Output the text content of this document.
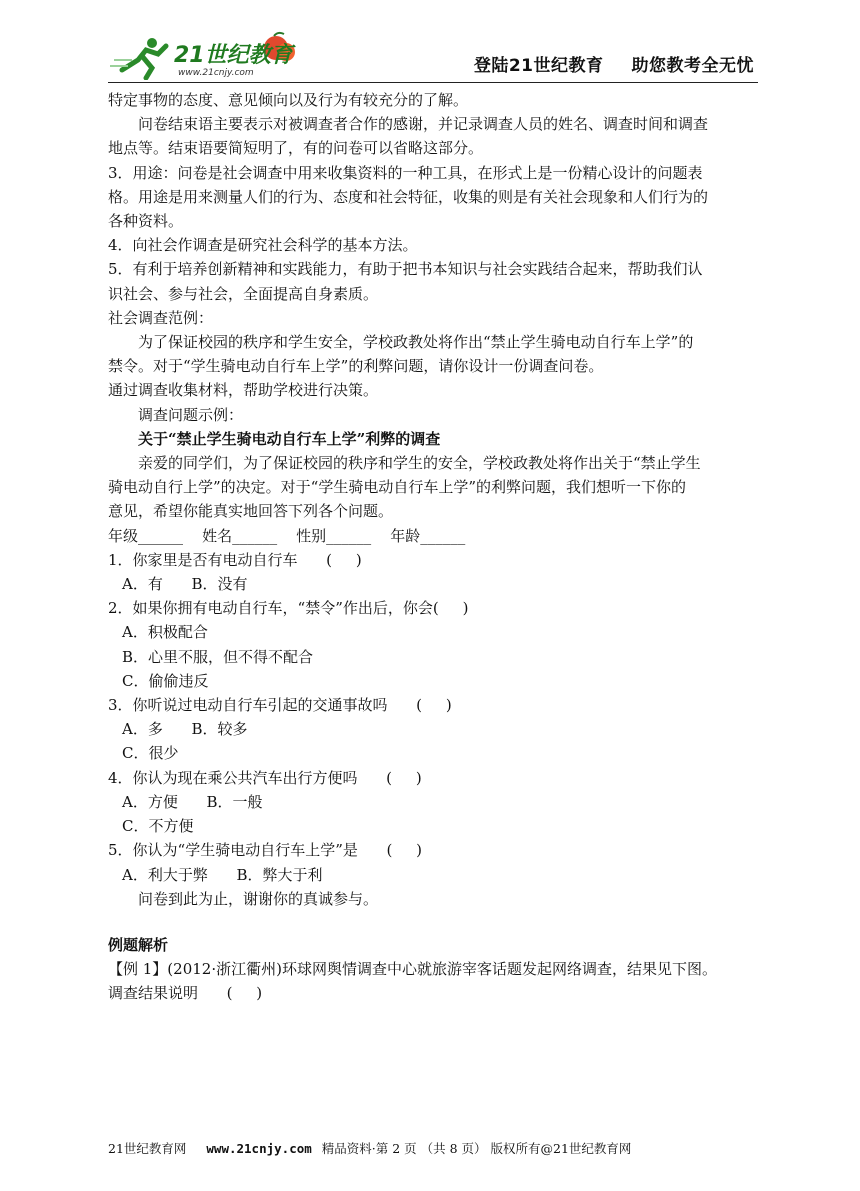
21世纪教育
www.21cnjy.com	登陆21世纪教育 助您教考全无忧
特定事物的态度、意见倾向以及行为有较充分的了解。
问卷结束语主要表示对被调查者合作的感谢，并记录调查人员的姓名、调查时间和调查
地点等。结束语要简短明了，有的问卷可以省略这部分。
3．用途：问卷是社会调查中用来收集资料的一种工具，在形式上是一份精心设计的问题表
格。用途是用来测量人们的行为、态度和社会特征，收集的则是有关社会现象和人们行为的
各种资料。
4．向社会作调查是研究社会科学的基本方法。
5．有利于培养创新精神和实践能力，有助于把书本知识与社会实践结合起来，帮助我们认
识社会、参与社会，全面提高自身素质。
社会调查范例：
为了保证校园的秩序和学生安全，学校政教处将作出“禁止学生骑电动自行车上学”的
禁令。对于“学生骑电动自行车上学”的利弊问题，请你设计一份调查问卷。
通过调查收集材料，帮助学校进行决策。
调查问题示例：
关于“禁止学生骑电动自行车上学”利弊的调查
亲爱的同学们，为了保证校园的秩序和学生的安全，学校政教处将作出关于“禁止学生
骑电动自行上学”的决定。对于“学生骑电动自行车上学”的利弊问题，我们想听一下你的
意见，希望你能真实地回答下列各个问题。
年级______    姓名______    性别______    年龄______
1．你家里是否有电动自行车      (     )
A．有      B．没有
2．如果你拥有电动自行车，“禁令”作出后，你会(     )
A．积极配合
B．心里不服，但不得不配合
C．偷偷违反
3．你听说过电动自行车引起的交通事故吗      (     )
A．多      B．较多
C．很少
4．你认为现在乘公共汽车出行方便吗      (     )
A．方便      B．一般
C．不方便
5．你认为“学生骑电动自行车上学”是      (     )
A．利大于弊      B．弊大于利
问卷到此为止，谢谢你的真诚参与。
例题解析
【例 1】(2012·浙江衢州)环球网舆情调查中心就旅游宰客话题发起网络调查，结果见下图。
调查结果说明      (     )
21世纪教育网 www.21cnjy.com 精品资料·第 2 页 （共 8 页） 版权所有@21世纪教育网
